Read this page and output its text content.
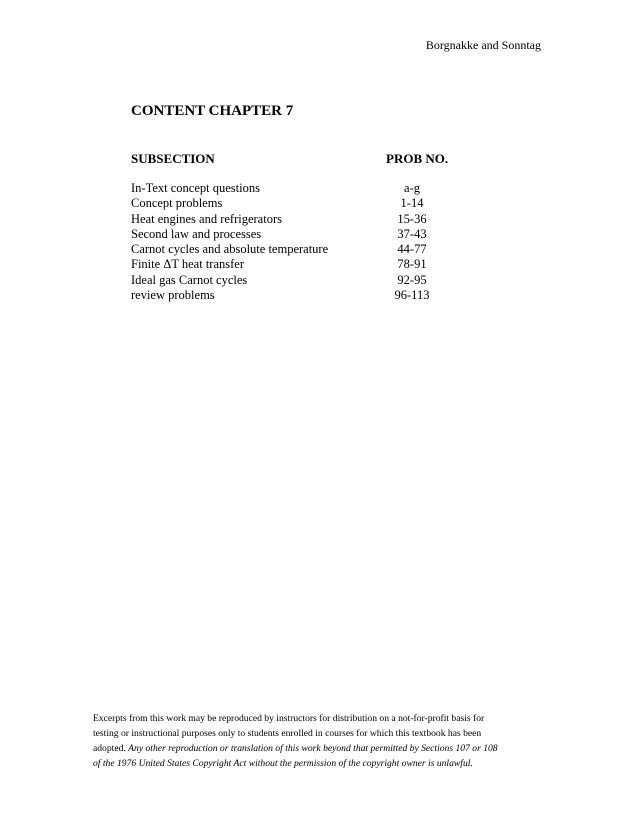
Borgnakke and Sonntag
CONTENT CHAPTER 7
SUBSECTION	PROB NO.
In-Text concept questions	a-g
Concept problems	1-14
Heat engines and refrigerators	15-36
Second law and processes	37-43
Carnot cycles and absolute temperature	44-77
Finite ΔT heat transfer	78-91
Ideal gas Carnot cycles	92-95
review problems	96-113
Excerpts from this work may be reproduced by instructors for distribution on a not-for-profit basis for
testing or instructional purposes only to students enrolled in courses for which this textbook has been
adopted. Any other reproduction or translation of this work beyond that permitted by Sections 107 or 108
of the 1976 United States Copyright Act without the permission of the copyright owner is unlawful.
